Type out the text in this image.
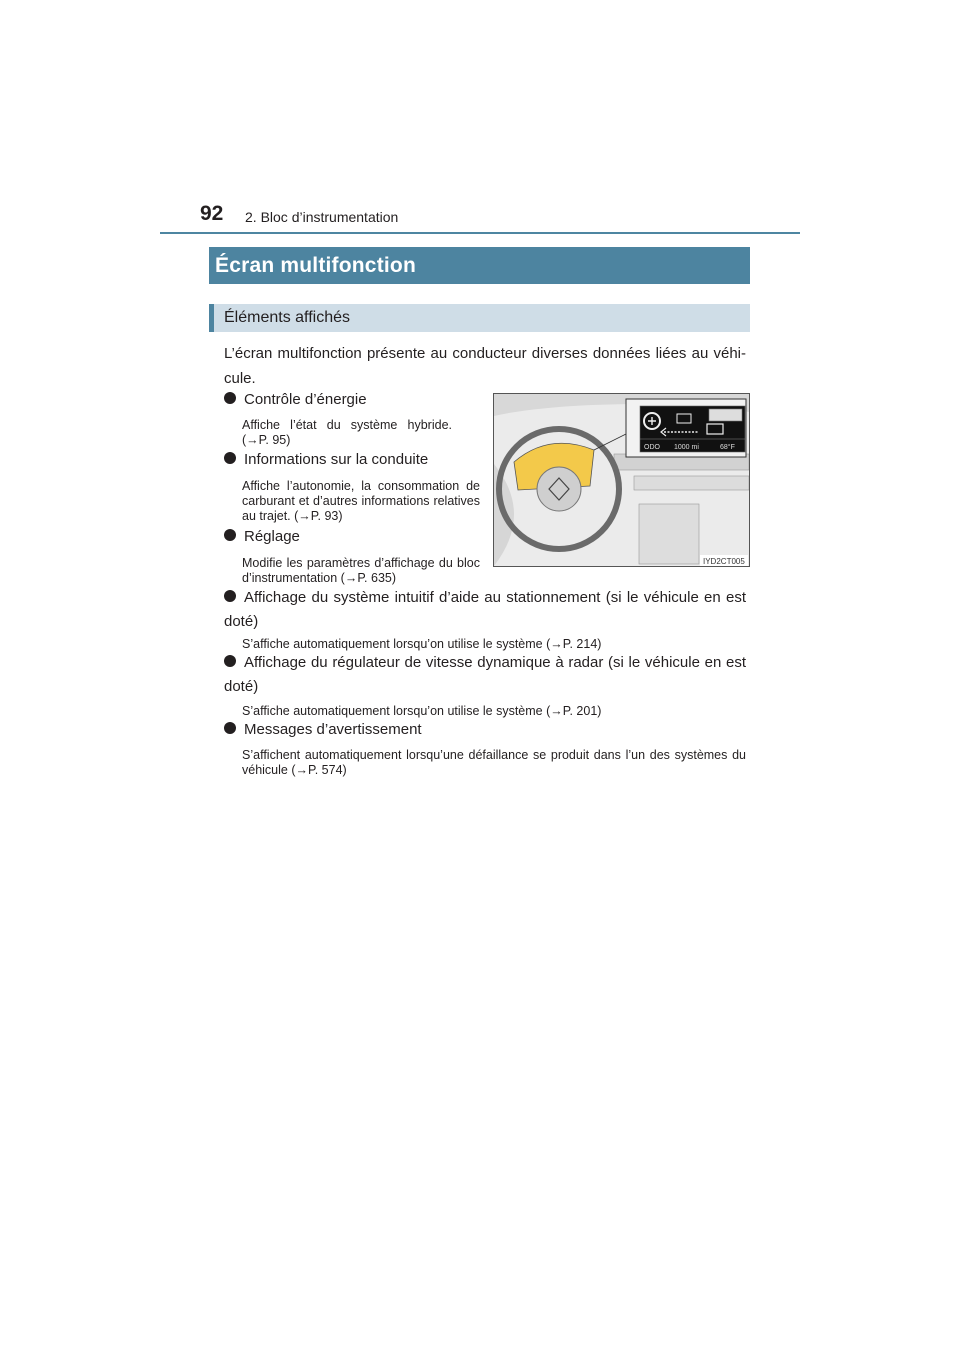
92 2. Bloc d’instrumentation
Écran multifonction
Éléments affichés
L’écran multifonction présente au conducteur diverses données liées au véhi-cule.
Contrôle d’énergie
Affiche l’état du système hybride. (→P. 95)
Informations sur la conduite
Affiche l’autonomie, la consommation de carburant et d’autres informations relatives au trajet. (→P. 93)
Réglage
Modifie les paramètres d’affichage du bloc d’instrumentation (→P. 635)
Affichage du système intuitif d’aide au stationnement (si le véhicule en est doté)
S’affiche automatiquement lorsqu’on utilise le système (→P. 214)
Affichage du régulateur de vitesse dynamique à radar (si le véhicule en est doté)
S’affiche automatiquement lorsqu’on utilise le système (→P. 201)
Messages d’avertissement
S’affichent automatiquement lorsqu’une défaillance se produit dans l’un des systèmes du véhicule (→P. 574)
ODO 1000 mi	68°F
IYD2CT005
